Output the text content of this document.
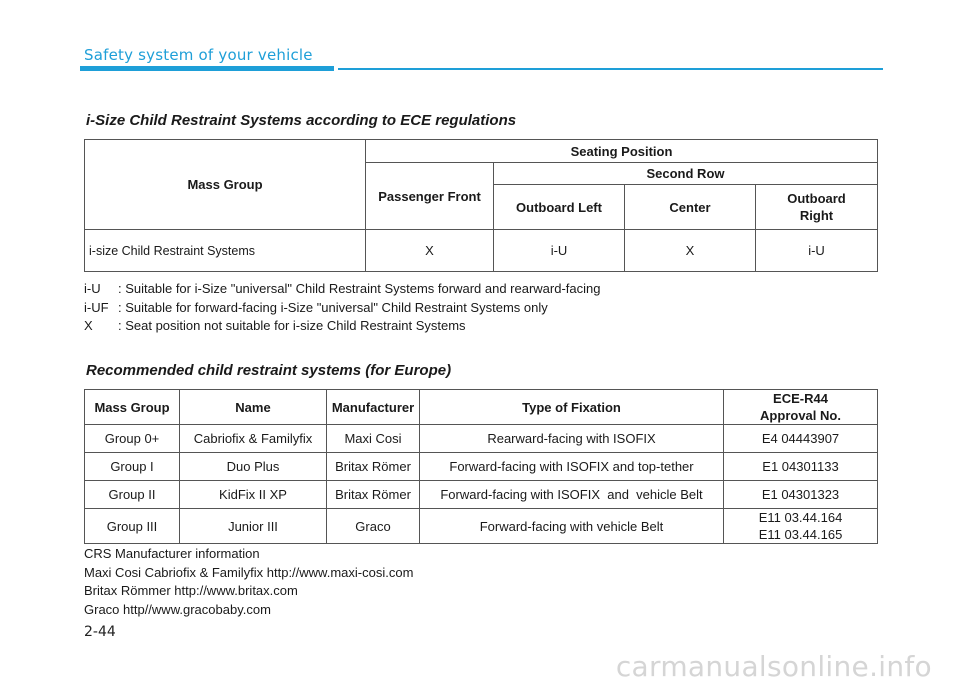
Safety system of your vehicle
i-Size Child Restraint Systems according to ECE regulations
Mass Group	Seating Position			
	Passenger Front	Second Row		
		Outboard Left	Center	Outboard
Right
i-size Child Restraint Systems	X	i-U	X	i-U
i-U : Suitable for i-Size "universal" Child Restraint Systems forward and rearward-facing
i-UF : Suitable for forward-facing i-Size "universal" Child Restraint Systems only
X : Seat position not suitable for i-size Child Restraint Systems
Recommended child restraint systems (for Europe)
Mass Group	Name	Manufacturer	Type of Fixation	ECE-R44
Approval No.
Group 0+	Cabriofix & Familyfix	Maxi Cosi	Rearward-facing with ISOFIX	E4 04443907
Group I	Duo Plus	Britax Römer	Forward-facing with ISOFIX and top-tether	E1 04301133
Group II	KidFix II XP	Britax Römer	Forward-facing with ISOFIX  and  vehicle Belt	E1 04301323
Group III	Junior III	Graco	Forward-facing with vehicle Belt	E11 03.44.164
E11 03.44.165
CRS Manufacturer information
Maxi Cosi Cabriofix & Familyfix http://www.maxi-cosi.com
Britax Römmer http://www.britax.com
Graco http//www.gracobaby.com
2-44
carmanualsonline.info
